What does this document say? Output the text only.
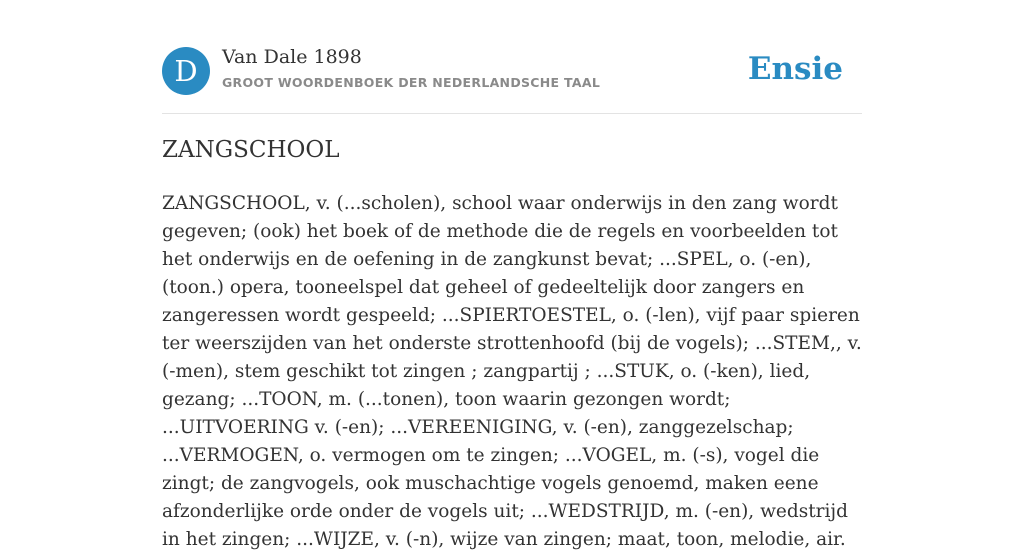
D	Van Dale 1898
GROOT WOORDENBOEK DER NEDERLANDSCHE TAAL	Ensie
ZANGSCHOOL

ZANGSCHOOL, v. (...scholen), school waar onderwijs in den zang wordt gegeven; (ook) het boek of de methode die de regels en voorbeelden tot het onderwijs en de oefening in de zangkunst bevat; ...SPEL, o. (-en), (toon.) opera, tooneelspel dat geheel of gedeeltelijk door zangers en zangeressen wordt gespeeld; ...SPIERTOESTEL, o. (-len), vijf paar spieren ter weerszijden van het onderste strottenhoofd (bij de vogels); ...STEM,, v. (-men), stem geschikt tot zingen ; zangpartij ; ...STUK, o. (-ken), lied, gezang; ...TOON, m. (...tonen), toon waarin gezongen wordt; ...UITVOERING v. (-en); ...VEREENIGING, v. (-en), zanggezelschap; ...VERMOGEN, o. vermogen om te zingen; ...VOGEL, m. (-s), vogel die zingt; de zangvogels, ook muschachtige vogels genoemd, maken eene afzonderlijke orde onder de vogels uit; ...WEDSTRIJD, m. (-en), wedstrijd in het zingen; ...WIJZE, v. (-n), wijze van zingen; maat, toon, melodie, air.
